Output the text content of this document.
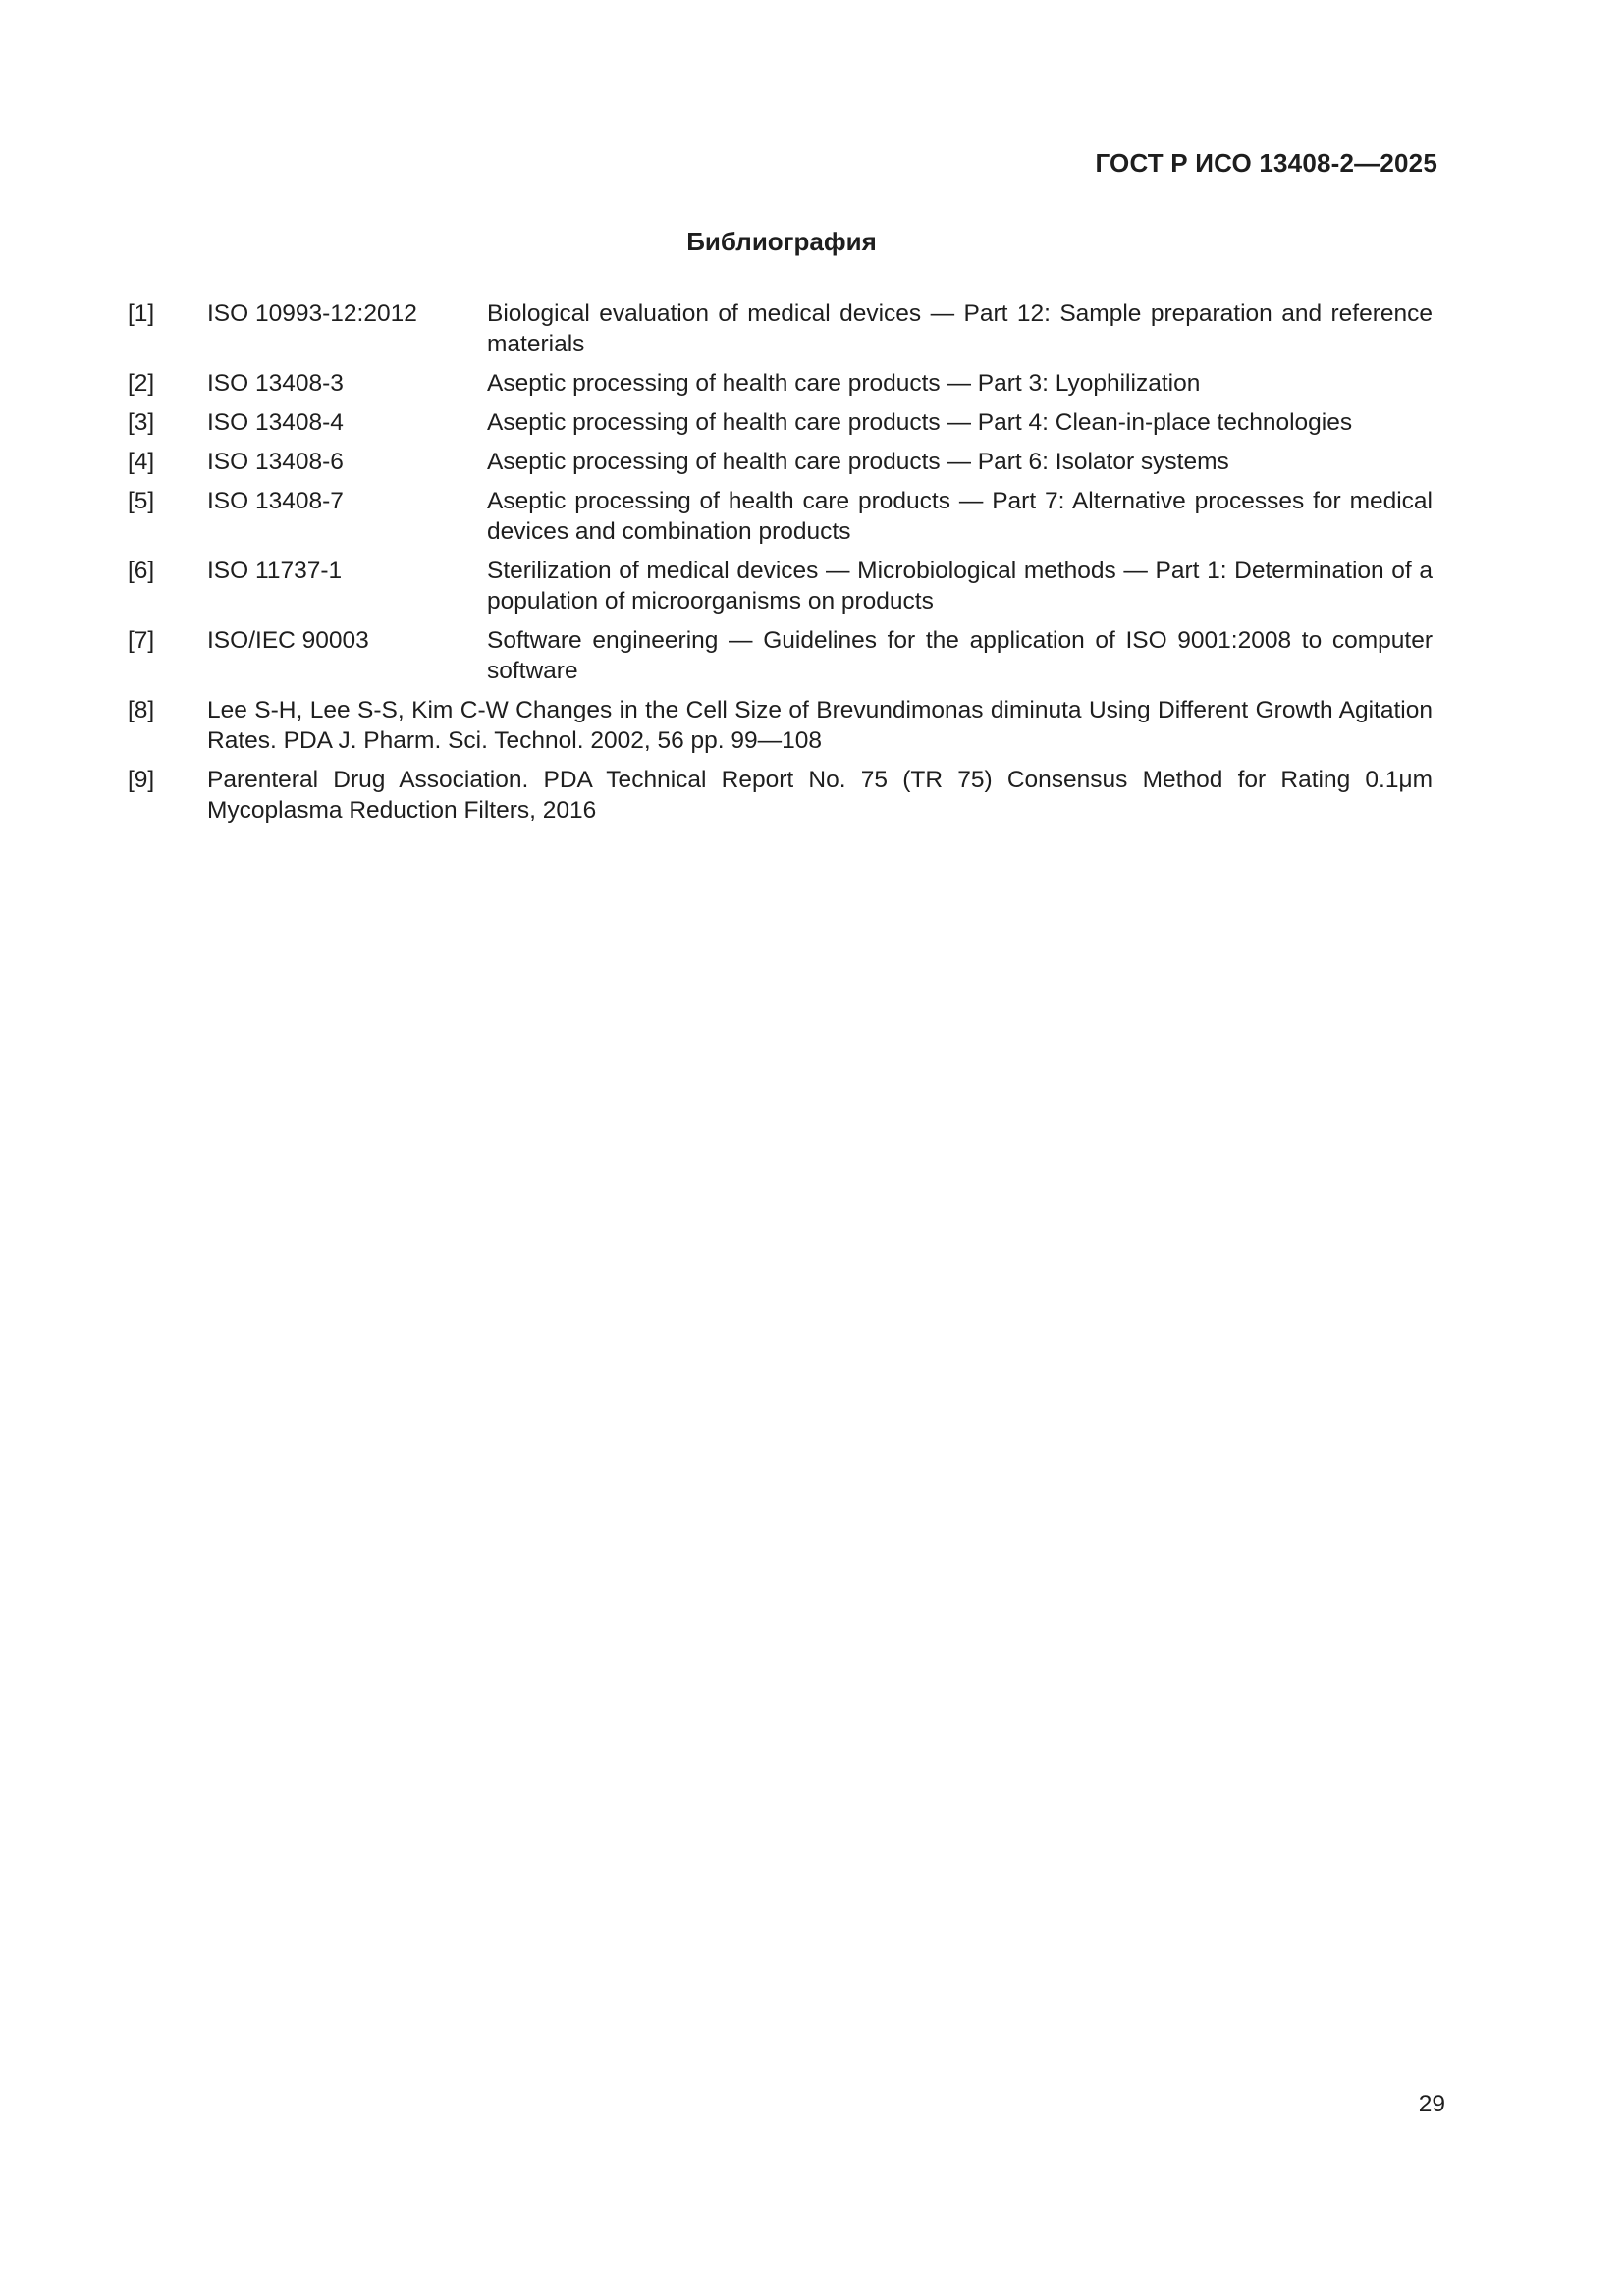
ГОСТ Р ИСО 13408-2—2025
Библиография
[1]	ISO 10993-12:2012	Biological evaluation of medical devices — Part 12: Sample preparation and reference materials
[2]	ISO 13408-3	Aseptic processing of health care products — Part 3: Lyophilization
[3]	ISO 13408-4	Aseptic processing of health care products — Part 4: Clean-in-place technologies
[4]	ISO 13408-6	Aseptic processing of health care products — Part 6: Isolator systems
[5]	ISO 13408-7	Aseptic processing of health care products — Part 7: Alternative processes for medical devices and combination products
[6]	ISO 11737-1	Sterilization of medical devices — Microbiological methods — Part 1: Determination of a population of microorganisms on products
[7]	ISO/IEC 90003	Software engineering — Guidelines for the application of ISO 9001:2008 to computer software
[8]	Lee S-H, Lee S-S, Kim C-W Changes in the Cell Size of Brevundimonas diminuta Using Different Growth Agitation Rates. PDA J. Pharm. Sci. Technol. 2002, 56 pp. 99—108
[9]	Parenteral Drug Association. PDA Technical Report No. 75 (TR 75) Consensus Method for Rating 0.1μm Mycoplasma Reduction Filters, 2016
29
